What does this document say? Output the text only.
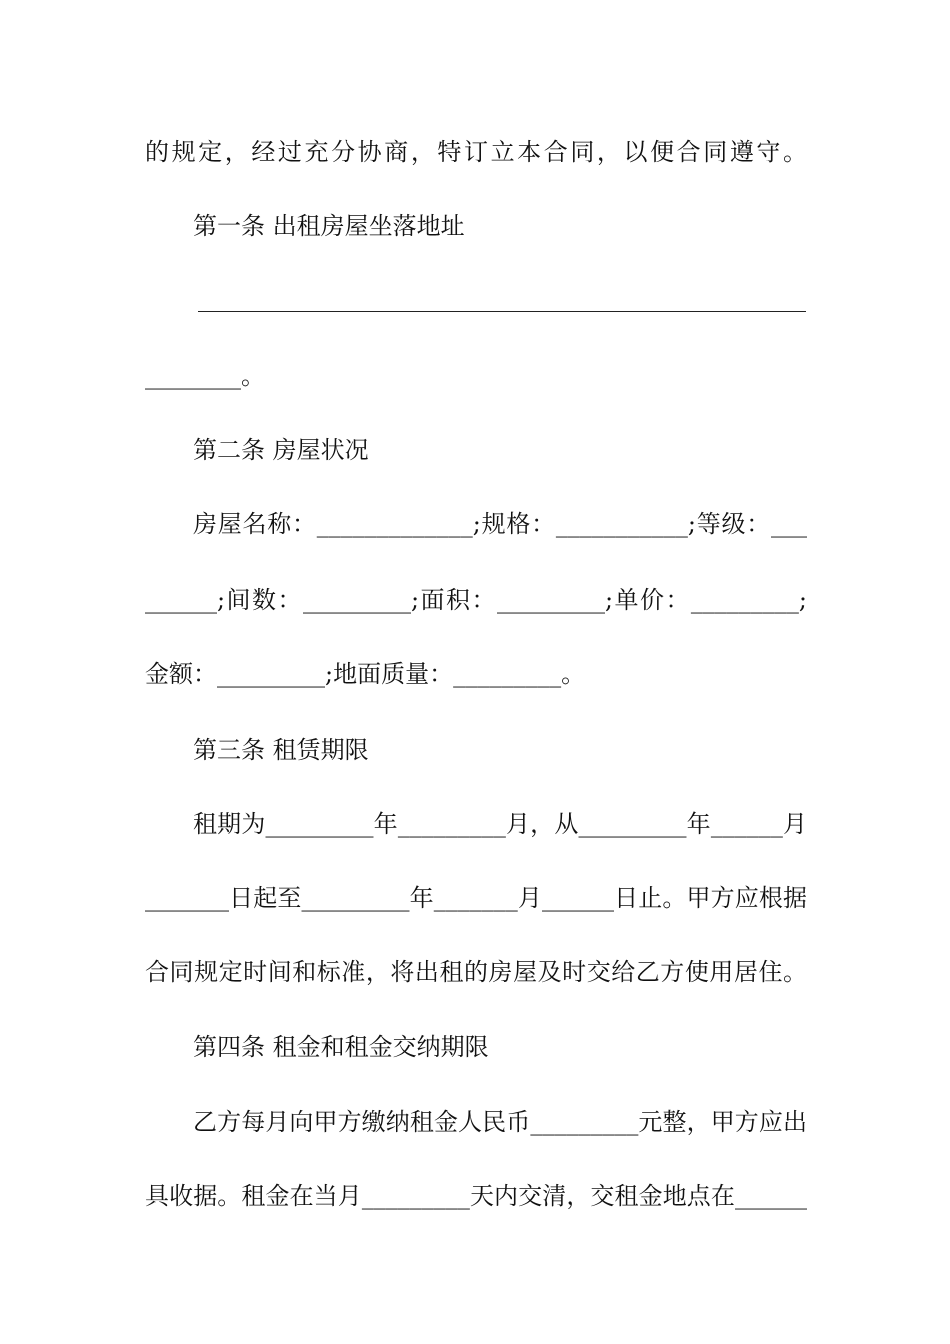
的规定，经过充分协商，特订立本合同，以便合同遵守。
第一条 出租房屋坐落地址
________。
第二条 房屋状况
房屋名称：_____________;规格：___________;等级：___
______;间数：_________;面积：_________;单价：_________;
金额：_________;地面质量：_________。
第三条 租赁期限
租期为_________年_________月，从_________年______月
_______日起至_________年_______月______日止。甲方应根据
合同规定时间和标准，将出租的房屋及时交给乙方使用居住。
第四条 租金和租金交纳期限
乙方每月向甲方缴纳租金人民币_________元整，甲方应出
具收据。租金在当月_________天内交清，交租金地点在______
